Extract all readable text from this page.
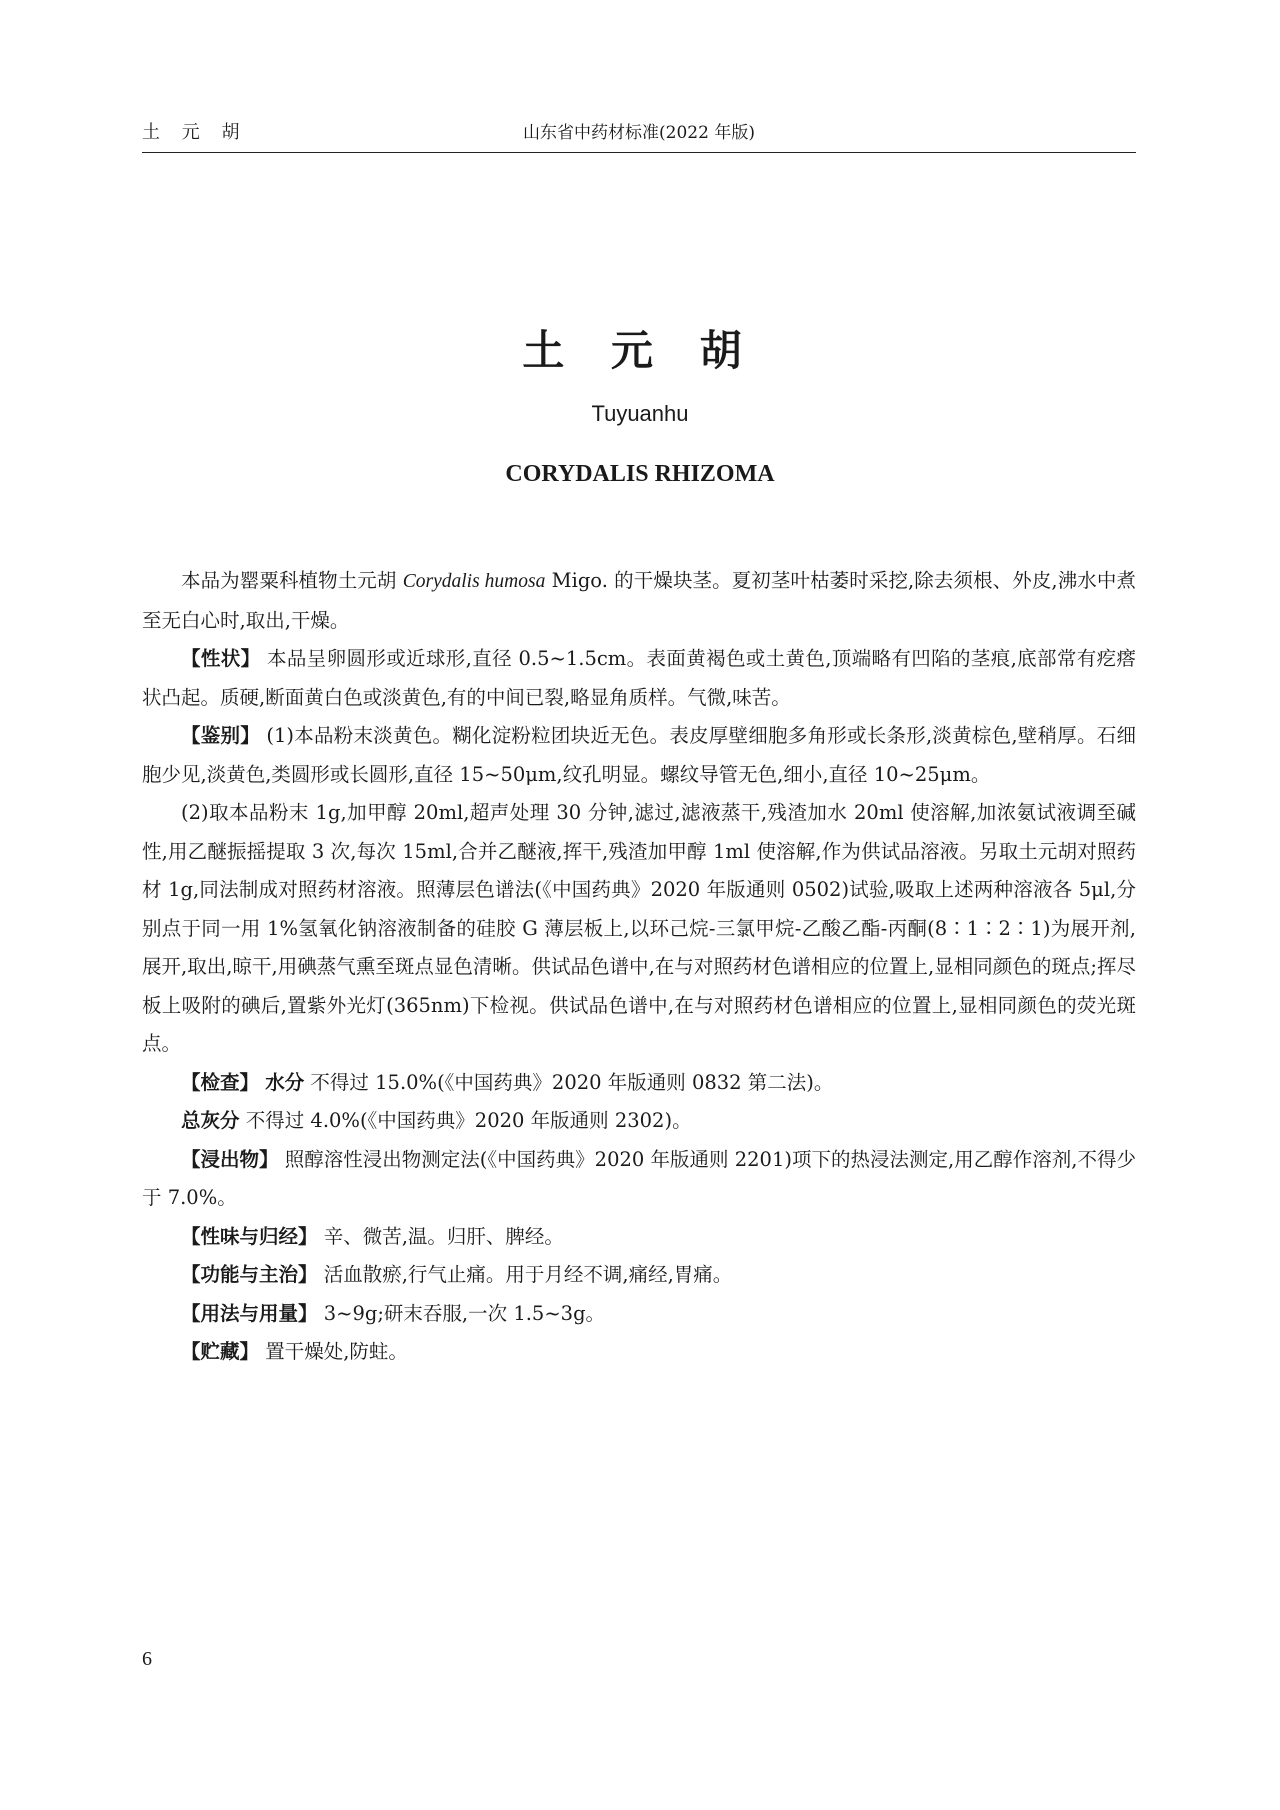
土 元 胡	山东省中药材标准(2022 年版)
土 元 胡
Tuyuanhu
CORYDALIS RHIZOMA

本品为罂粟科植物土元胡 Corydalis humosa Migo. 的干燥块茎。夏初茎叶枯萎时采挖,除去须根、外皮,沸水中煮至无白心时,取出,干燥。

【性状】 本品呈卵圆形或近球形,直径 0.5~1.5cm。表面黄褐色或土黄色,顶端略有凹陷的茎痕,底部常有疙瘩状凸起。质硬,断面黄白色或淡黄色,有的中间已裂,略显角质样。气微,味苦。

【鉴别】 (1)本品粉末淡黄色。糊化淀粉粒团块近无色。表皮厚壁细胞多角形或长条形,淡黄棕色,壁稍厚。石细胞少见,淡黄色,类圆形或长圆形,直径 15~50μm,纹孔明显。螺纹导管无色,细小,直径 10~25μm。

(2)取本品粉末 1g,加甲醇 20ml,超声处理 30 分钟,滤过,滤液蒸干,残渣加水 20ml 使溶解,加浓氨试液调至碱性,用乙醚振摇提取 3 次,每次 15ml,合并乙醚液,挥干,残渣加甲醇 1ml 使溶解,作为供试品溶液。另取土元胡对照药材 1g,同法制成对照药材溶液。照薄层色谱法(《中国药典》2020 年版通则 0502)试验,吸取上述两种溶液各 5μl,分别点于同一用 1%氢氧化钠溶液制备的硅胶 G 薄层板上,以环己烷-三氯甲烷-乙酸乙酯-丙酮(8∶1∶2∶1)为展开剂,展开,取出,晾干,用碘蒸气熏至斑点显色清晰。供试品色谱中,在与对照药材色谱相应的位置上,显相同颜色的斑点;挥尽板上吸附的碘后,置紫外光灯(365nm)下检视。供试品色谱中,在与对照药材色谱相应的位置上,显相同颜色的荧光斑点。

【检查】 水分 不得过 15.0%(《中国药典》2020 年版通则 0832 第二法)。

总灰分 不得过 4.0%(《中国药典》2020 年版通则 2302)。

【浸出物】 照醇溶性浸出物测定法(《中国药典》2020 年版通则 2201)项下的热浸法测定,用乙醇作溶剂,不得少于 7.0%。

【性味与归经】 辛、微苦,温。归肝、脾经。

【功能与主治】 活血散瘀,行气止痛。用于月经不调,痛经,胃痛。

【用法与用量】 3~9g;研末吞服,一次 1.5~3g。

【贮藏】 置干燥处,防蛀。

6
